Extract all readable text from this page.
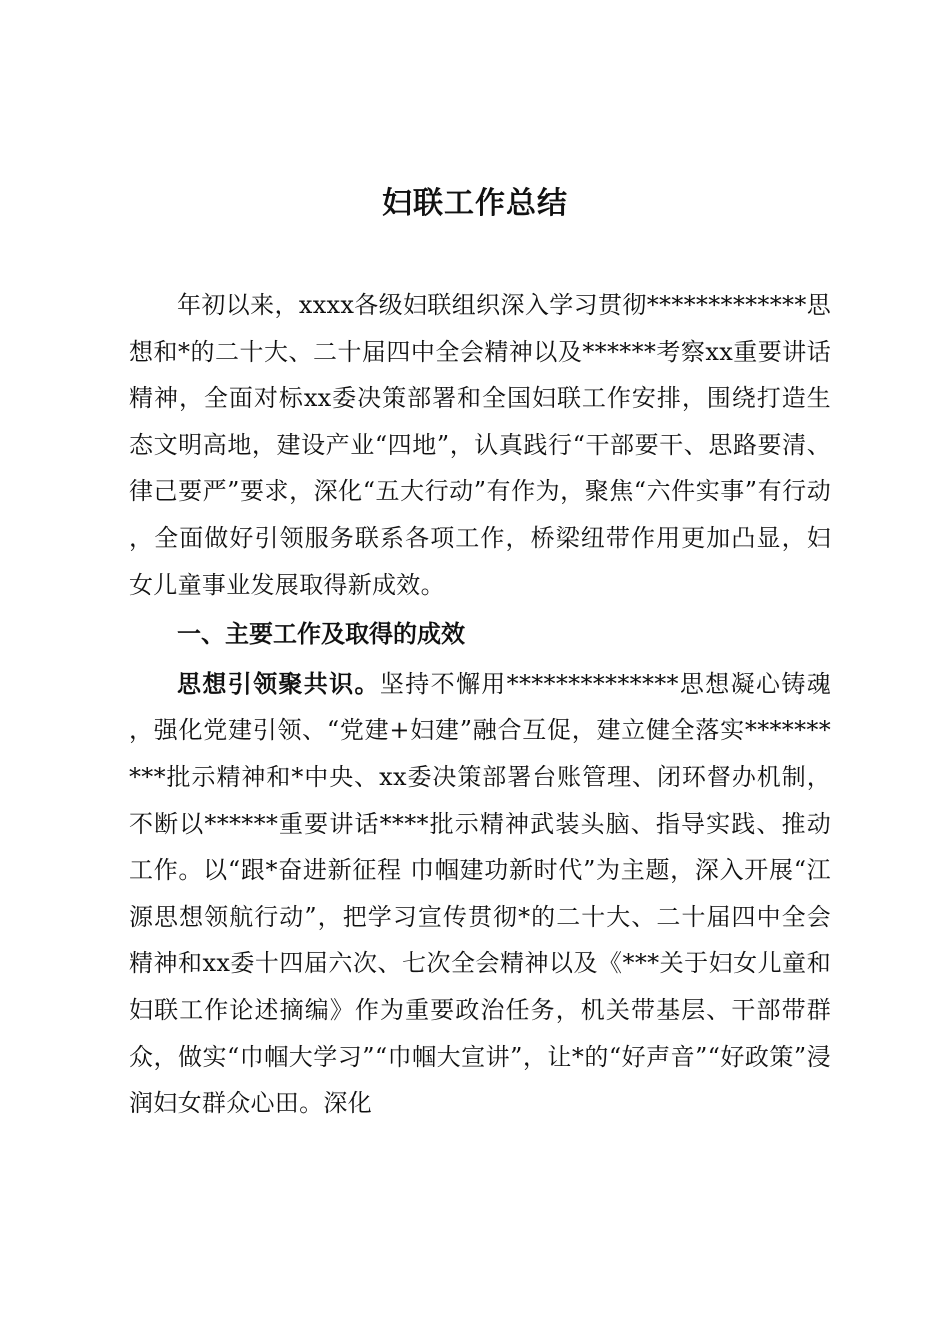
妇联工作总结

年初以来，xxxx各级妇联组织深入学习贯彻*************思想和*的二十大、二十届四中全会精神以及******考察xx重要讲话精神，全面对标xx委决策部署和全国妇联工作安排，围绕打造生态文明高地，建设产业“四地”，认真践行“干部要干、思路要清、律己要严”要求，深化“五大行动”有作为，聚焦“六件实事”有行动，全面做好引领服务联系各项工作，桥梁纽带作用更加凸显，妇女儿童事业发展取得新成效。

一、主要工作及取得的成效

思想引领聚共识。坚持不懈用**************思想凝心铸魂，强化党建引领、“党建+妇建”融合互促，建立健全落实**********批示精神和*中央、xx委决策部署台账管理、闭环督办机制，不断以******重要讲话****批示精神武装头脑、指导实践、推动工作。以“跟*奋进新征程 巾帼建功新时代”为主题，深入开展“江源思想领航行动”，把学习宣传贯彻*的二十大、二十届四中全会精神和xx委十四届六次、七次全会精神以及《***关于妇女儿童和妇联工作论述摘编》作为重要政治任务，机关带基层、干部带群众，做实“巾帼大学习”“巾帼大宣讲”，让*的“好声音”“好政策”浸润妇女群众心田。深化
